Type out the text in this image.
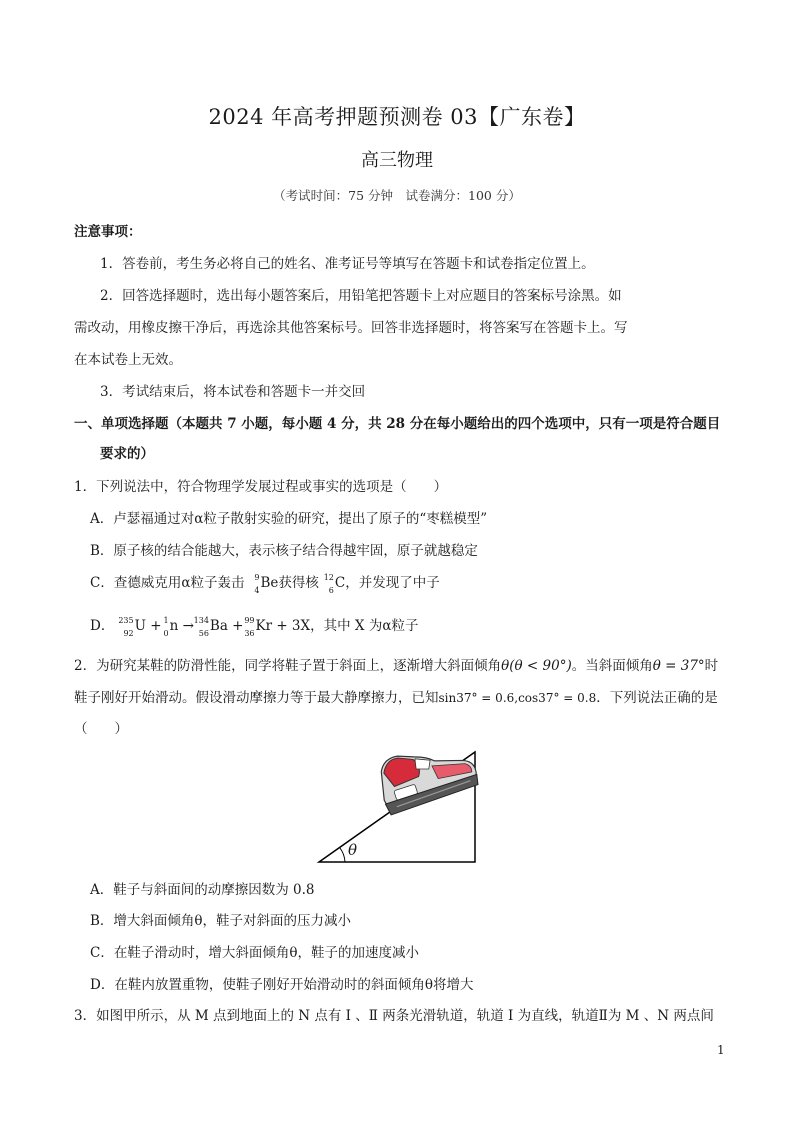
2024 年高考押题预测卷 03【广东卷】
高三物理
（考试时间：75 分钟　试卷满分：100 分）
注意事项：
1．答卷前，考生务必将自己的姓名、准考证号等填写在答题卡和试卷指定位置上。
2．回答选择题时，选出每小题答案后，用铅笔把答题卡上对应题目的答案标号涂黑。如
需改动，用橡皮擦干净后，再选涂其他答案标号。回答非选择题时，将答案写在答题卡上。写
在本试卷上无效。
3．考试结束后，将本试卷和答题卡一并交回
一、单项选择题（本题共 7 小题，每小题 4 分，共 28 分在每小题给出的四个选项中，只有一项是符合题目
要求的）
1．下列说法中，符合物理学发展过程或事实的选项是（　　）
A．卢瑟福通过对α粒子散射实验的研究，提出了原子的“枣糕模型”
B．原子核的结合能越大，表示核子结合得越牢固，原子就越稳定
C．查德威克用α粒子轰击 9
4 Be获得核 12
6 C，并发现了中子
D． 235
92 U + 1
0 n → 134
56 Ba + 99
36 Kr + 3X，其中 X 为α粒子
2．为研究某鞋的防滑性能，同学将鞋子置于斜面上，逐渐增大斜面倾角θ(θ < 90°)。当斜面倾角θ = 37°时
鞋子刚好开始滑动。假设滑动摩擦力等于最大静摩擦力，已知sin37° = 0.6,cos37° = 0.8．下列说法正确的是
（　　）
θ
A．鞋子与斜面间的动摩擦因数为 0.8
B．增大斜面倾角θ，鞋子对斜面的压力减小
C．在鞋子滑动时，增大斜面倾角θ，鞋子的加速度减小
D．在鞋内放置重物，使鞋子刚好开始滑动时的斜面倾角θ将增大
3．如图甲所示，从 M 点到地面上的 N 点有 Ⅰ 、Ⅱ 两条光滑轨道，轨道 Ⅰ 为直线，轨道Ⅱ为 M 、N 两点间
1
